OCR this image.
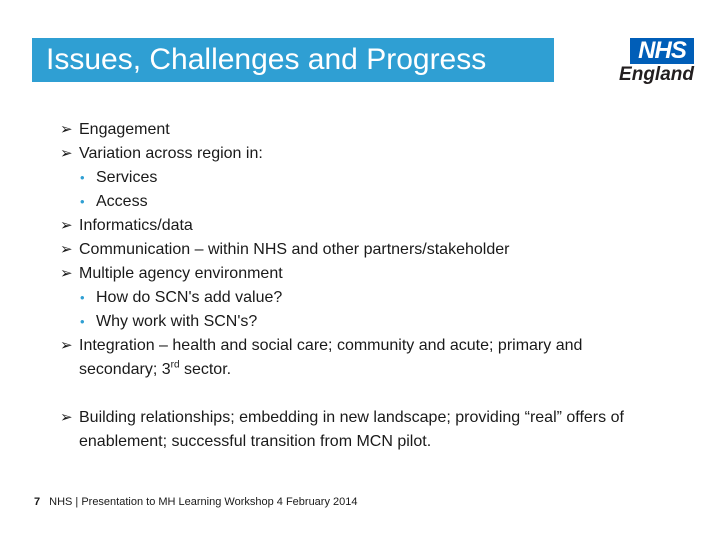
Issues, Challenges and Progress	NHS
England
➢ Engagement
➢ Variation across region in:
• Services
• Access
➢ Informatics/data
➢ Communication – within NHS and other partners/stakeholder
➢ Multiple agency environment
• How do SCN's add value?
• Why work with SCN's?
➢ Integration – health and social care; community and acute; primary and
secondary; 3rd sector.
➢ Building relationships; embedding in new landscape; providing “real” offers of
enablement; successful transition from MCN pilot.
7 NHS | Presentation to MH Learning Workshop 4 February 2014
